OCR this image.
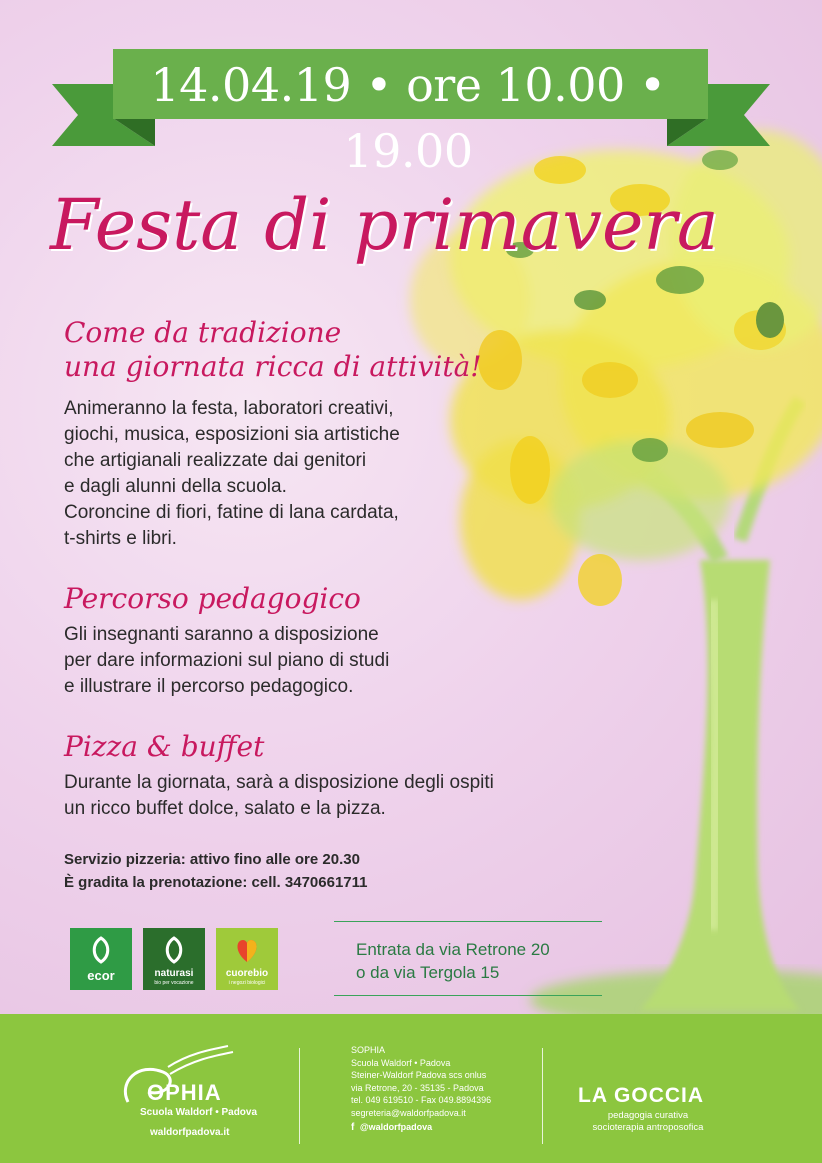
14.04.19 • ore 10.00 • 19.00
Festa di primavera
Come da tradizione
una giornata ricca di attività!
Animeranno la festa, laboratori creativi,
giochi, musica, esposizioni sia artistiche
che artigianali realizzate dai genitori
e dagli alunni della scuola.
Coroncine di fiori, fatine di lana cardata,
t-shirts e libri.
Percorso pedagogico
Gli insegnanti saranno a disposizione
per dare informazioni sul piano di studi
e illustrare il percorso pedagogico.
Pizza & buffet
Durante la giornata, sarà a disposizione degli ospiti
un ricco buffet dolce, salato e la pizza.
Servizio pizzeria: attivo fino alle ore 20.30
È gradita la prenotazione: cell. 3470661711
ecor	naturasi
bio per vocazione
cuorebio
i negozi biologici
Entrata da via Retrone 20
o da via Tergola 15
OPHIA
Scuola Waldorf • Padova
waldorfpadova.it
SOPHIA
Scuola Waldorf • Padova
Steiner-Waldorf Padova scs onlus
via Retrone, 20 - 35135 - Padova
tel. 049 619510 - Fax 049.8894396
segreteria@waldorfpadova.it
f @waldorfpadova
LA GOCCIA
pedagogia curativa
socioterapia antroposofica
